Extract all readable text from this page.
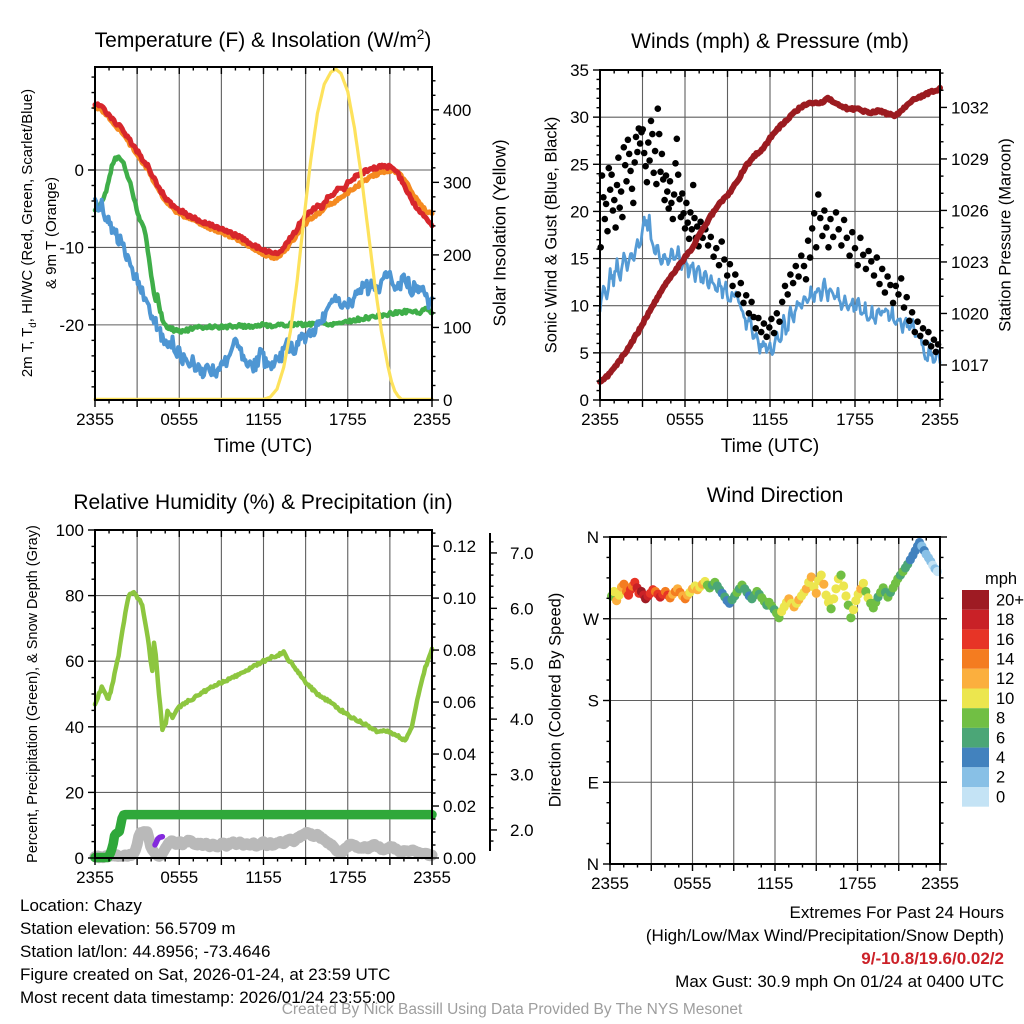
2355	0555	1155	1755	2355
0
-10
-20
0
100
200
300
400
2355	0555	1155	1755	2355
0
5
10
15
20
25
30
35
1017
1020
1023
1026
1029
1032
2355	0555	1155	1755	2355
0
20
40
60
80
100
0.00
0.02
0.04
0.06
0.08
0.10
0.12
2.0
3.0
4.0
5.0
6.0
7.0
2355	0555	1155	1755	2355
N
W
S
E
N
20+
18
16
14
12
10
8
6
4
2
0
Temperature (F) & Insolation $(W/m^2)$	Winds (mph) & Pressure (mb)
Relative Humidity (%) & Precipitation (in)	Wind Direction
2m T, $T_d$, HI/WC (Red, Green, Scarlet/Blue) & 9m T (Orange)	Solar Insolation (Yellow) Sonic Wind & Gust (Blue, Black)	Station Pressure (Maroon)
Percent, Precipitation (Green), & Snow Depth (Gray)	Direction (Colored By Speed)
Time (UTC)	Time (UTC)
mph
Location: Chazy
Station elevation: 56.5709 m
Station lat/lon: 44.8956; -73.4646
Figure created on Sat, 2026-01-24, at 23:59 UTC
Most recent data timestamp: 2026/01/24 23:55:00
Extremes For Past 24 Hours
(High/Low/Max Wind/Precipitation/Snow Depth)
9/-10.8/19.6/0.02/2
Max Gust: 30.9 mph On 01/24 at 0400 UTC
Created By Nick Bassill Using Data Provided By The NYS Mesonet
